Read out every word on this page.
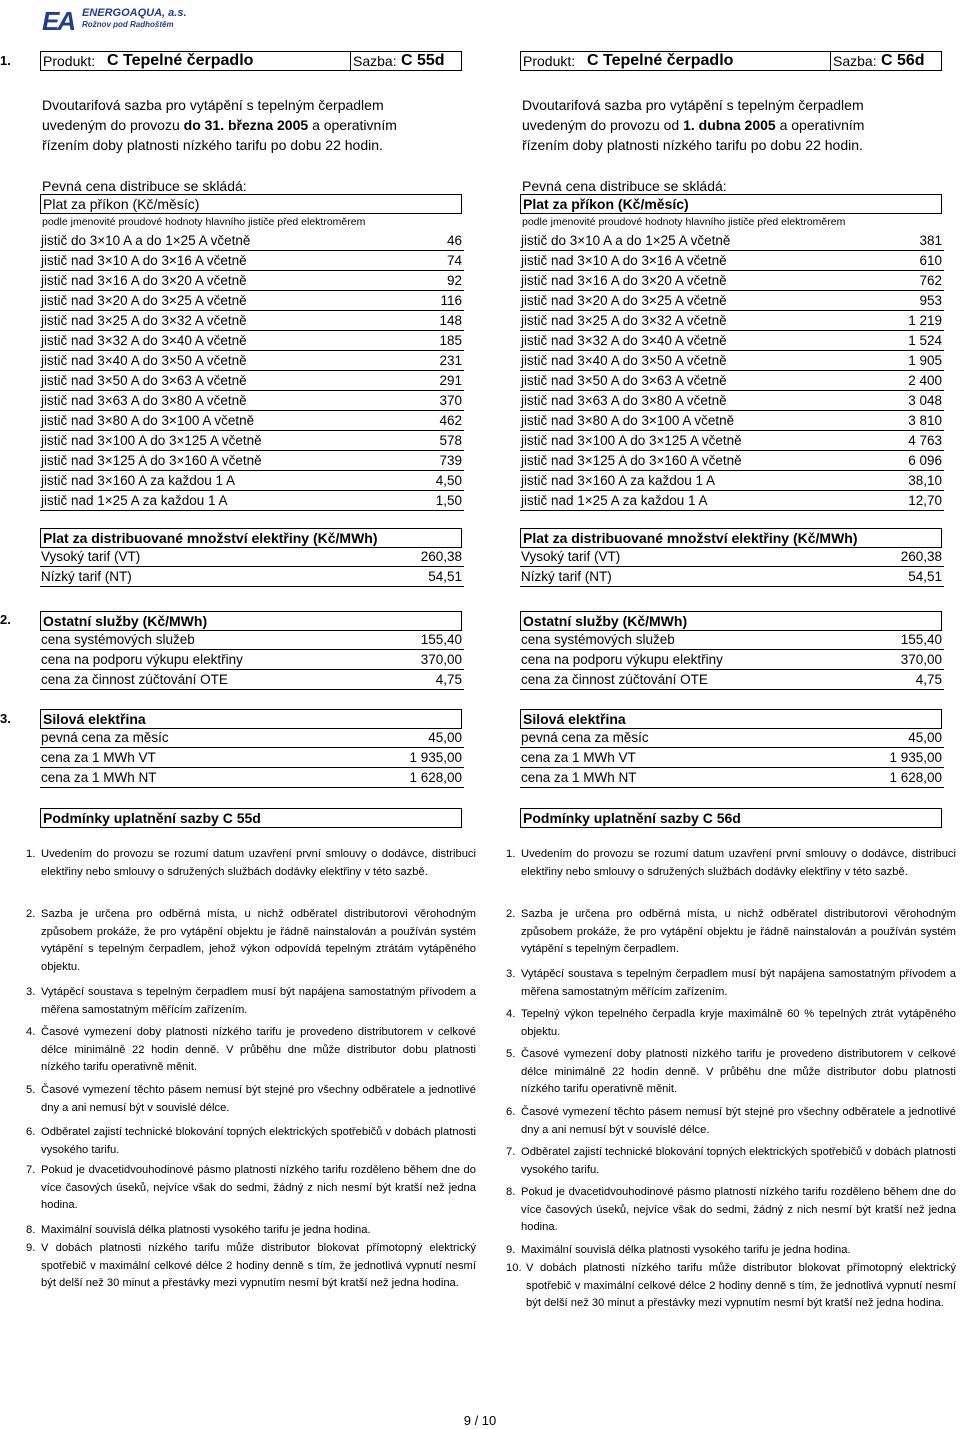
EA ENERGOAQUA, a.s.
Rožnov pod Radhoštěm
1.
2.
3.
Produkt: C Tepelné čerpadlo	Sazba: C 55d	Produkt: C Tepelné čerpadlo	Sazba: C 56d
Dvoutarifová sazba pro vytápění s tepelným čerpadlem
uvedeným do provozu do 31. března 2005 a operativním
řízením doby platnosti nízkého tarifu po dobu 22 hodin.
Dvoutarifová sazba pro vytápění s tepelným čerpadlem
uvedeným do provozu od 1. dubna 2005 a operativním
řízením doby platnosti nízkého tarifu po dobu 22 hodin.
Pevná cena distribuce se skládá:	Pevná cena distribuce se skládá:
Plat za příkon (Kč/měsíc)	Plat za příkon (Kč/měsíc)
podle jmenovité proudové hodnoty hlavního jističe před elektroměrem	podle jmenovité proudové hodnoty hlavního jističe před elektroměrem
jistič do 3×10 A a do 1×25 A včetně	46
jistič nad 3×10 A do 3×16 A včetně	74
jistič nad 3×16 A do 3×20 A včetně	92
jistič nad 3×20 A do 3×25 A včetně	116
jistič nad 3×25 A do 3×32 A včetně	148
jistič nad 3×32 A do 3×40 A včetně	185
jistič nad 3×40 A do 3×50 A včetně	231
jistič nad 3×50 A do 3×63 A včetně	291
jistič nad 3×63 A do 3×80 A včetně	370
jistič nad 3×80 A do 3×100 A včetně	462
jistič nad 3×100 A do 3×125 A včetně	578
jistič nad 3×125 A do 3×160 A včetně	739
jistič nad 3×160 A za každou 1 A	4,50
jistič nad 1×25 A za každou 1 A	1,50
jistič do 3×10 A a do 1×25 A včetně	381
jistič nad 3×10 A do 3×16 A včetně	610
jistič nad 3×16 A do 3×20 A včetně	762
jistič nad 3×20 A do 3×25 A včetně	953
jistič nad 3×25 A do 3×32 A včetně	1 219
jistič nad 3×32 A do 3×40 A včetně	1 524
jistič nad 3×40 A do 3×50 A včetně	1 905
jistič nad 3×50 A do 3×63 A včetně	2 400
jistič nad 3×63 A do 3×80 A včetně	3 048
jistič nad 3×80 A do 3×100 A včetně	3 810
jistič nad 3×100 A do 3×125 A včetně	4 763
jistič nad 3×125 A do 3×160 A včetně	6 096
jistič nad 3×160 A za každou 1 A	38,10
jistič nad 1×25 A za každou 1 A	12,70
Plat za distribuované množství elektřiny (Kč/MWh)	Plat za distribuované množství elektřiny (Kč/MWh)
Vysoký tarif (VT)	260,38
Nízký tarif (NT)	54,51
Vysoký tarif (VT)	260,38
Nízký tarif (NT)	54,51
Ostatní služby (Kč/MWh)	Ostatní služby (Kč/MWh)
cena systémových služeb	155,40
cena na podporu výkupu elektřiny	370,00
cena za činnost zúčtování OTE	4,75
cena systémových služeb	155,40
cena na podporu výkupu elektřiny	370,00
cena za činnost zúčtování OTE	4,75
Silová elektřina	Silová elektřina
pevná cena za měsíc	45,00
cena za 1 MWh VT	1 935,00
cena za 1 MWh NT	1 628,00
pevná cena za měsíc	45,00
cena za 1 MWh VT	1 935,00
cena za 1 MWh NT	1 628,00
Podmínky uplatnění sazby C 55d	Podmínky uplatnění sazby C 56d
1. Uvedením do provozu se rozumí datum uzavření první smlouvy o dodávce, distribuci elektřiny nebo smlouvy o sdružených službách dodávky elektřiny v této sazbě.
2. Sazba je určena pro odběrná místa, u nichž odběratel distributorovi věrohodným způsobem prokáže, že pro vytápění objektu je řádně nainstalován a používán systém vytápění s tepelným čerpadlem, jehož výkon odpovídá tepelným ztrátám vytápěného objektu.
3. Vytápěcí soustava s tepelným čerpadlem musí být napájena samostatným přívodem a měřena samostatným měřícím zařízením.
4. Časové vymezení doby platnosti nízkého tarifu je provedeno distributorem v celkové délce minimálně 22 hodin denně. V průběhu dne může distributor dobu platnosti nízkého tarifu operativně měnit.
5. Časové vymezení těchto pásem nemusí být stejné pro všechny odběratele a jednotlivé dny a ani nemusí být v souvislé délce.
6. Odběratel zajistí technické blokování topných elektrických spotřebičů v dobách platnosti vysokého tarifu.
7. Pokud je dvacetidvouhodinové pásmo platnosti nízkého tarifu rozděleno během dne do více časových úseků, nejvíce však do sedmi, žádný z nich nesmí být kratší než jedna hodina.
8. Maximální souvislá délka platnosti vysokého tarifu je jedna hodina.
9. V dobách platnosti nízkého tarifu může distributor blokovat přímotopný elektrický spotřebič v maximální celkové délce 2 hodiny denně s tím, že jednotlivá vypnutí nesmí být delší než 30 minut a přestávky mezi vypnutím nesmí být kratší než jedna hodina.
1. Uvedením do provozu se rozumí datum uzavření první smlouvy o dodávce, distribuci elektřiny nebo smlouvy o sdružených službách dodávky elektřiny v této sazbě.
2. Sazba je určena pro odběrná místa, u nichž odběratel distributorovi věrohodným způsobem prokáže, že pro vytápění objektu je řádně nainstalován a používán systém vytápění s tepelným čerpadlem.
3. Vytápěcí soustava s tepelným čerpadlem musí být napájena samostatným přívodem a měřena samostatným měřícím zařízením.
4. Tepelný výkon tepelného čerpadla kryje maximálně 60 % tepelných ztrát vytápěného objektu.
5. Časové vymezení doby platnosti nízkého tarifu je provedeno distributorem v celkové délce minimálně 22 hodin denně. V průběhu dne může distributor dobu platnosti nízkého tarifu operativně měnit.
6. Časové vymezení těchto pásem nemusí být stejné pro všechny odběratele a jednotlivé dny a ani nemusí být v souvislé délce.
7. Odběratel zajistí technické blokování topných elektrických spotřebičů v dobách platnosti vysokého tarifu.
8. Pokud je dvacetidvouhodinové pásmo platnosti nízkého tarifu rozděleno během dne do více časových úseků, nejvíce však do sedmi, žádný z nich nesmí být kratší než jedna hodina.
9. Maximální souvislá délka platnosti vysokého tarifu je jedna hodina.
10. V dobách platnosti nízkého tarifu může distributor blokovat přímotopný elektrický spotřebič v maximální celkové délce 2 hodiny denně s tím, že jednotlivá vypnutí nesmí být delší než 30 minut a přestávky mezi vypnutím nesmí být kratší než jedna hodina.
9 / 10
